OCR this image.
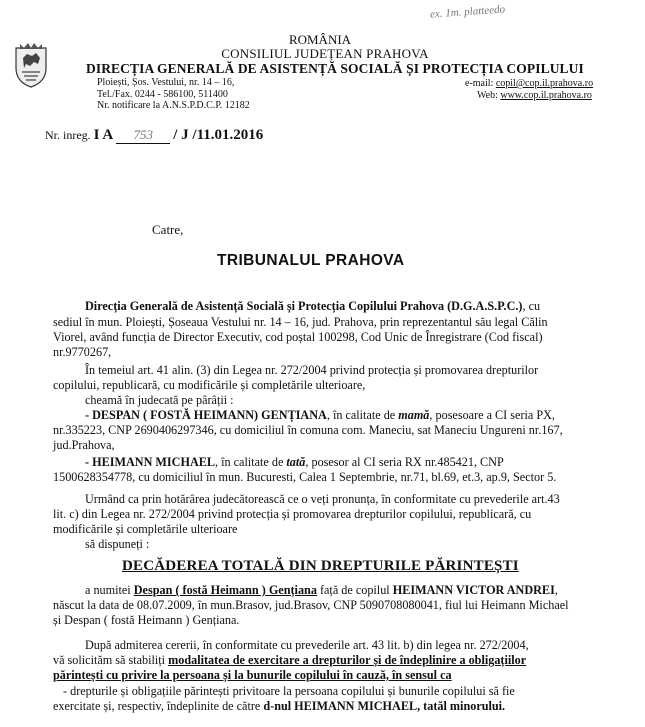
ex. 1m. platteedo
ROMÂNIA
CONSILIUL JUDEȚEAN PRAHOVA
DIRECȚIA GENERALĂ DE ASISTENȚĂ SOCIALĂ ȘI PROTECȚIA COPILULUI
Ploiești, Șos. Vestului, nr. 14 – 16,
Tel./Fax. 0244 - 586100, 511400
Nr. notificare la A.N.S.P.D.C.P. 12182
e-mail: copil@cop.il.prahova.ro
Web: www.cop.il.prahova.ro
Nr. inreg. I A 753 / J /11.01.2016
Catre,
TRIBUNALUL PRAHOVA
Direcția Generală de Asistență Socială și Protecția Copilului Prahova (D.G.A.S.P.C.), cu
sediul în mun. Ploiești, Șoseaua Vestului nr. 14 – 16, jud. Prahova, prin reprezentantul său legal Călin
Viorel, având funcția de Director Executiv, cod poștal 100298, Cod Unic de Înregistrare (Cod fiscal)
nr.9770267,
În temeiul art. 41 alin. (3) din Legea nr. 272/2004 privind protecția și promovarea drepturilor
copilului, republicară, cu modificările și completările ulterioare,
cheamă în judecată pe pârâții :
- DESPAN ( FOSTĂ HEIMANN) GENȚIANA, în calitate de mamă, posesoare a CI seria PX,
nr.335223, CNP 2690406297346, cu domiciliul în comuna com. Maneciu, sat Maneciu Ungureni nr.167,
jud.Prahova,
- HEIMANN MICHAEL, în calitate de tată, posesor al CI seria RX nr.485421, CNP
1500628354778, cu domiciliul în mun. Bucuresti, Calea 1 Septembrie, nr.71, bl.69, et.3, ap.9, Sector 5.
Urmând ca prin hotărârea judecătorească ce o veți pronunța, în conformitate cu prevederile art.43
lit. c) din Legea nr. 272/2004 privind protecția și promovarea drepturilor copilului, republicară, cu
modificările și completările ulterioare
să dispuneți :
DECĂDEREA TOTALĂ DIN DREPTURILE PĂRINTEȘTI
a numitei Despan ( fostă Heimann ) Gențiana față de copilul HEIMANN VICTOR ANDREI,
născut la data de 08.07.2009, în mun.Brasov, jud.Brasov, CNP 5090708080041, fiul lui Heimann Michael
și Despan ( fostă Heimann ) Gențiana.
După admiterea cererii, în conformitate cu prevederile art. 43 lit. b) din legea nr. 272/2004,
vă solicităm să stabiliți modalitatea de exercitare a drepturilor și de îndeplinire a obligațiilor
părintești cu privire la persoana și la bunurile copilului în cauză, în sensul ca
- drepturile și obligațiile părintești privitoare la persoana copilului și bunurile copilului să fie
exercitate și, respectiv, îndeplinite de către d-nul HEIMANN MICHAEL, tatăl minorului.
